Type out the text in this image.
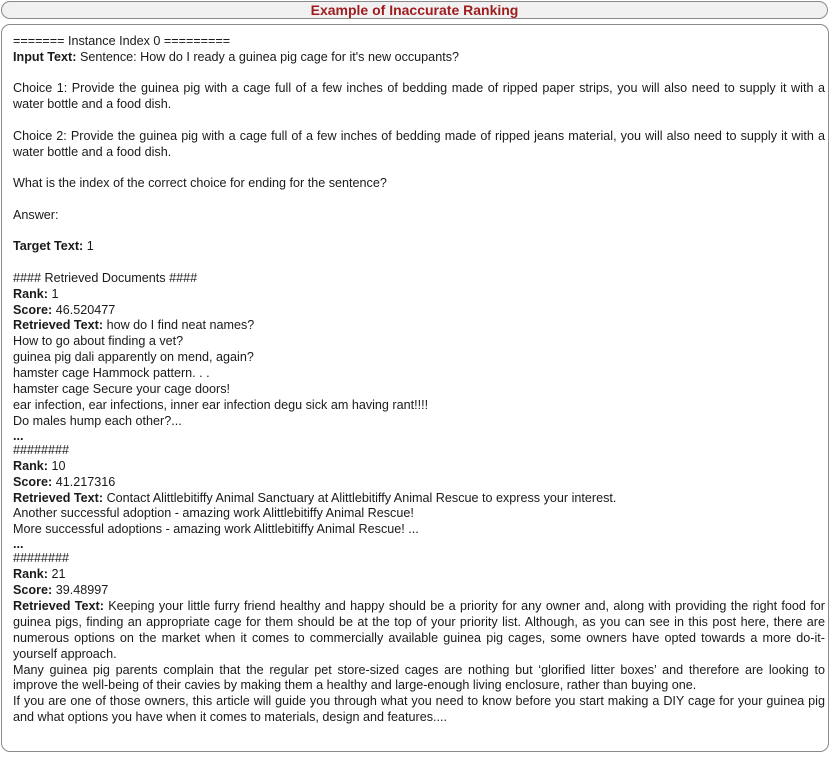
Example of Inaccurate Ranking

======= Instance Index 0 =========

Input Text: Sentence: How do I ready a guinea pig cage for it's new occupants?

Choice 1: Provide the guinea pig with a cage full of a few inches of bedding made of ripped paper strips, you will also need to supply it with a water bottle and a food dish.

Choice 2: Provide the guinea pig with a cage full of a few inches of bedding made of ripped jeans material, you will also need to supply it with a water bottle and a food dish.

What is the index of the correct choice for ending for the sentence?

Answer:

Target Text: 1

#### Retrieved Documents ####

Rank: 1

Score: 46.520477

Retrieved Text: how do I find neat names?

How to go about finding a vet?

guinea pig dali apparently on mend, again?

hamster cage Hammock pattern. . .

hamster cage Secure your cage doors!

ear infection, ear infections, inner ear infection degu sick am having rant!!!!

Do males hump each other?...

...

########

Rank: 10

Score: 41.217316

Retrieved Text: Contact Alittlebitiffy Animal Sanctuary at Alittlebitiffy Animal Rescue to express your interest.

Another successful adoption - amazing work Alittlebitiffy Animal Rescue!

More successful adoptions - amazing work Alittlebitiffy Animal Rescue! ...

...

########

Rank: 21

Score: 39.48997

Retrieved Text: Keeping your little furry friend healthy and happy should be a priority for any owner and, along with providing the right food for guinea pigs, finding an appropriate cage for them should be at the top of your priority list. Although, as you can see in this post here, there are numerous options on the market when it comes to commercially available guinea pig cages, some owners have opted towards a more do-it-yourself approach.

Many guinea pig parents complain that the regular pet store-sized cages are nothing but ‘glorified litter boxes’ and therefore are looking to improve the well-being of their cavies by making them a healthy and large-enough living enclosure, rather than buying one.

If you are one of those owners, this article will guide you through what you need to know before you start making a DIY cage for your guinea pig and what options you have when it comes to materials, design and features....
